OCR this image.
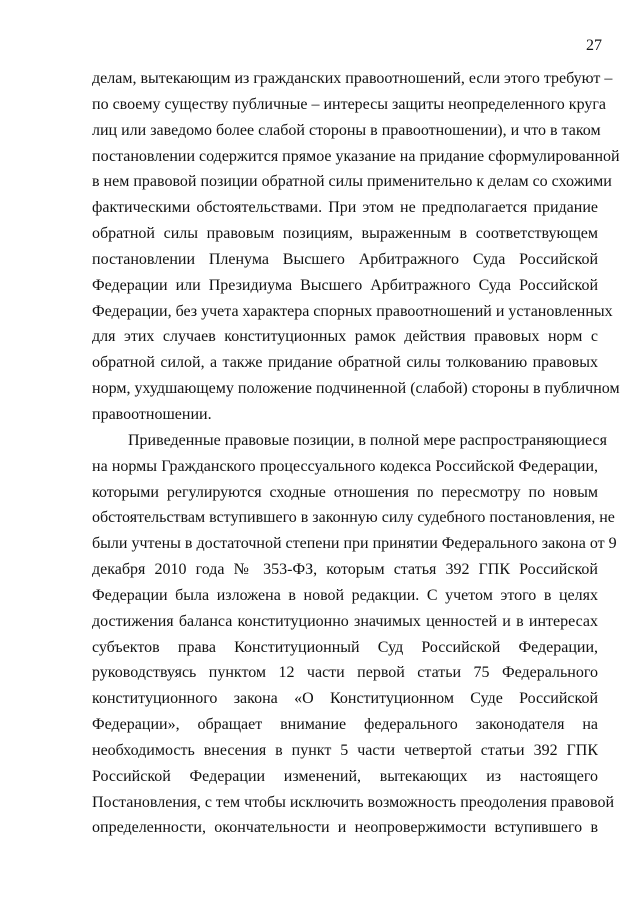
27

делам, вытекающим из гражданских правоотношений, если этого требуют –
по своему существу публичные – интересы защиты неопределенного круга
лиц или заведомо более слабой стороны в правоотношении), и что в таком
постановлении содержится прямое указание на придание сформулированной
в нем правовой позиции обратной силы применительно к делам со схожими
фактическими обстоятельствами. При этом не предполагается придание
обратной силы правовым позициям, выраженным в соответствующем
постановлении Пленума Высшего Арбитражного Суда Российской
Федерации или Президиума Высшего Арбитражного Суда Российской
Федерации, без учета характера спорных правоотношений и установленных
для этих случаев конституционных рамок действия правовых норм с
обратной силой, а также придание обратной силы толкованию правовых
норм, ухудшающему положение подчиненной (слабой) стороны в публичном
правоотношении.

Приведенные правовые позиции, в полной мере распространяющиеся
на нормы Гражданского процессуального кодекса Российской Федерации,
которыми регулируются сходные отношения по пересмотру по новым
обстоятельствам вступившего в законную силу судебного постановления, не
были учтены в достаточной степени при принятии Федерального закона от 9
декабря 2010 года № 353-ФЗ, которым статья 392 ГПК Российской
Федерации была изложена в новой редакции. С учетом этого в целях
достижения баланса конституционно значимых ценностей и в интересах
субъектов права Конституционный Суд Российской Федерации,
руководствуясь пунктом 12 части первой статьи 75 Федерального
конституционного закона «О Конституционном Суде Российской
Федерации», обращает внимание федерального законодателя на
необходимость внесения в пункт 5 части четвертой статьи 392 ГПК
Российской Федерации изменений, вытекающих из настоящего
Постановления, с тем чтобы исключить возможность преодоления правовой
определенности, окончательности и неопровержимости вступившего в
